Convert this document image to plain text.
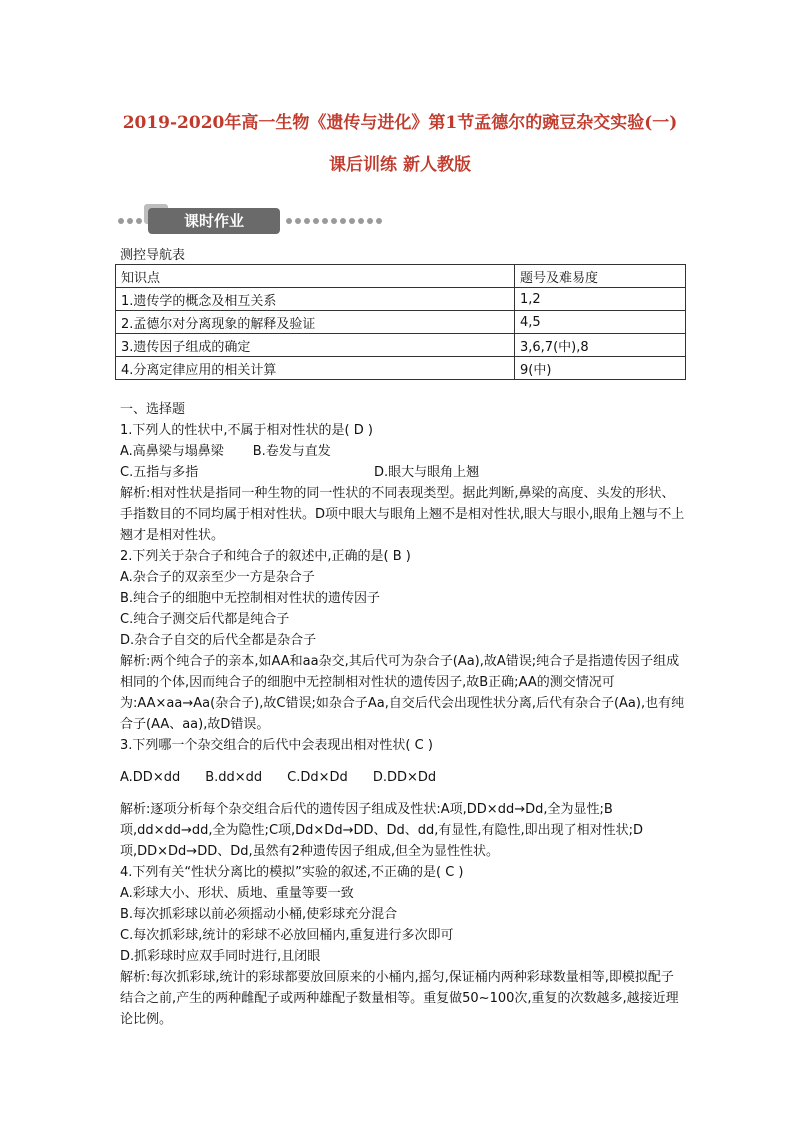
2019-2020年高一生物《遗传与进化》第1节孟德尔的豌豆杂交实验(一)
课后训练 新人教版
课时作业
测控导航表
知识点	题号及难易度
1.遗传学的概念及相互关系	1,2
2.孟德尔对分离现象的解释及验证	4,5
3.遗传因子组成的确定	3,6,7(中),8
4.分离定律应用的相关计算	9(中)

一、选择题

1.下列人的性状中,不属于相对性状的是( D )

A.高鼻梁与塌鼻梁 B.卷发与直发

C.五指与多指	D.眼大与眼角上翘

解析:相对性状是指同一种生物的同一性状的不同表现类型。据此判断,鼻梁的高度、头发的形状、手指数目的不同均属于相对性状。D项中眼大与眼角上翘不是相对性状,眼大与眼小,眼角上翘与不上翘才是相对性状。

2.下列关于杂合子和纯合子的叙述中,正确的是( B )

A.杂合子的双亲至少一方是杂合子

B.纯合子的细胞中无控制相对性状的遗传因子

C.纯合子测交后代都是纯合子

D.杂合子自交的后代全都是杂合子

解析:两个纯合子的亲本,如AA和aa杂交,其后代可为杂合子(Aa),故A错误;纯合子是指遗传因子组成相同的个体,因而纯合子的细胞中无控制相对性状的遗传因子,故B正确;AA的测交情况可为:AA×aa→Aa(杂合子),故C错误;如杂合子Aa,自交后代会出现性状分离,后代有杂合子(Aa),也有纯合子(AA、aa),故D错误。

3.下列哪一个杂交组合的后代中会表现出相对性状( C )

A.DD×dd B.dd×dd C.Dd×Dd D.DD×Dd

解析:逐项分析每个杂交组合后代的遗传因子组成及性状:A项,DD×dd→Dd,全为显性;B项,dd×dd→dd,全为隐性;C项,Dd×Dd→DD、Dd、dd,有显性,有隐性,即出现了相对性状;D项,DD×Dd→DD、Dd,虽然有2种遗传因子组成,但全为显性性状。

4.下列有关“性状分离比的模拟”实验的叙述,不正确的是( C )

A.彩球大小、形状、质地、重量等要一致

B.每次抓彩球以前必须摇动小桶,使彩球充分混合

C.每次抓彩球,统计的彩球不必放回桶内,重复进行多次即可

D.抓彩球时应双手同时进行,且闭眼

解析:每次抓彩球,统计的彩球都要放回原来的小桶内,摇匀,保证桶内两种彩球数量相等,即模拟配子结合之前,产生的两种雌配子或两种雄配子数量相等。重复做50~100次,重复的次数越多,越接近理论比例。
